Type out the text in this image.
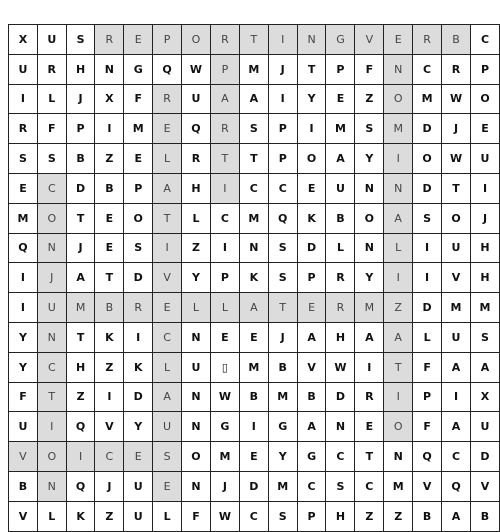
X	U	S	R	E	P	O	R	T	I	N	G	V	E	R	B	C
U	R	H	N	G	Q	W	P	M	J	T	P	F	N	C	R	P
I	L	J	X	F	R	U	A	A	I	Y	E	Z	O	M	W	O
R	F	P	I	M	E	Q	R	S	P	I	M	S	M	D	J	E
S	S	B	Z	E	L	R	T	T	P	O	A	Y	I	O	W	U
E	C	D	B	P	A	H	I	C	C	E	U	N	N	D	T	I
M	O	T	E	O	T	L	C	M	Q	K	B	O	A	S	O	J
Q	N	J	E	S	I	Z	I	N	S	D	L	N	L	I	U	H
I	J	A	T	D	V	Y	P	K	S	P	R	Y	I	I	V	H
I	U	M	B	R	E	L	L	A	T	E	R	M	Z	D	M	M
Y	N	T	K	I	C	N	E	E	J	A	H	A	A	L	U	S
Y	C	H	Z	K	L	U	▯	M	B	V	W	I	T	F	A	A
F	T	Z	I	D	A	N	W	B	M	B	D	R	I	P	I	X
U	I	Q	V	Y	U	N	G	I	G	A	N	E	O	F	A	U
V	O	I	C	E	S	O	M	E	Y	G	C	T	N	Q	C	D
B	N	Q	J	U	E	N	J	D	M	C	S	C	M	V	Q	V
V	L	K	Z	U	L	F	W	C	S	P	H	Z	Z	B	A	B
